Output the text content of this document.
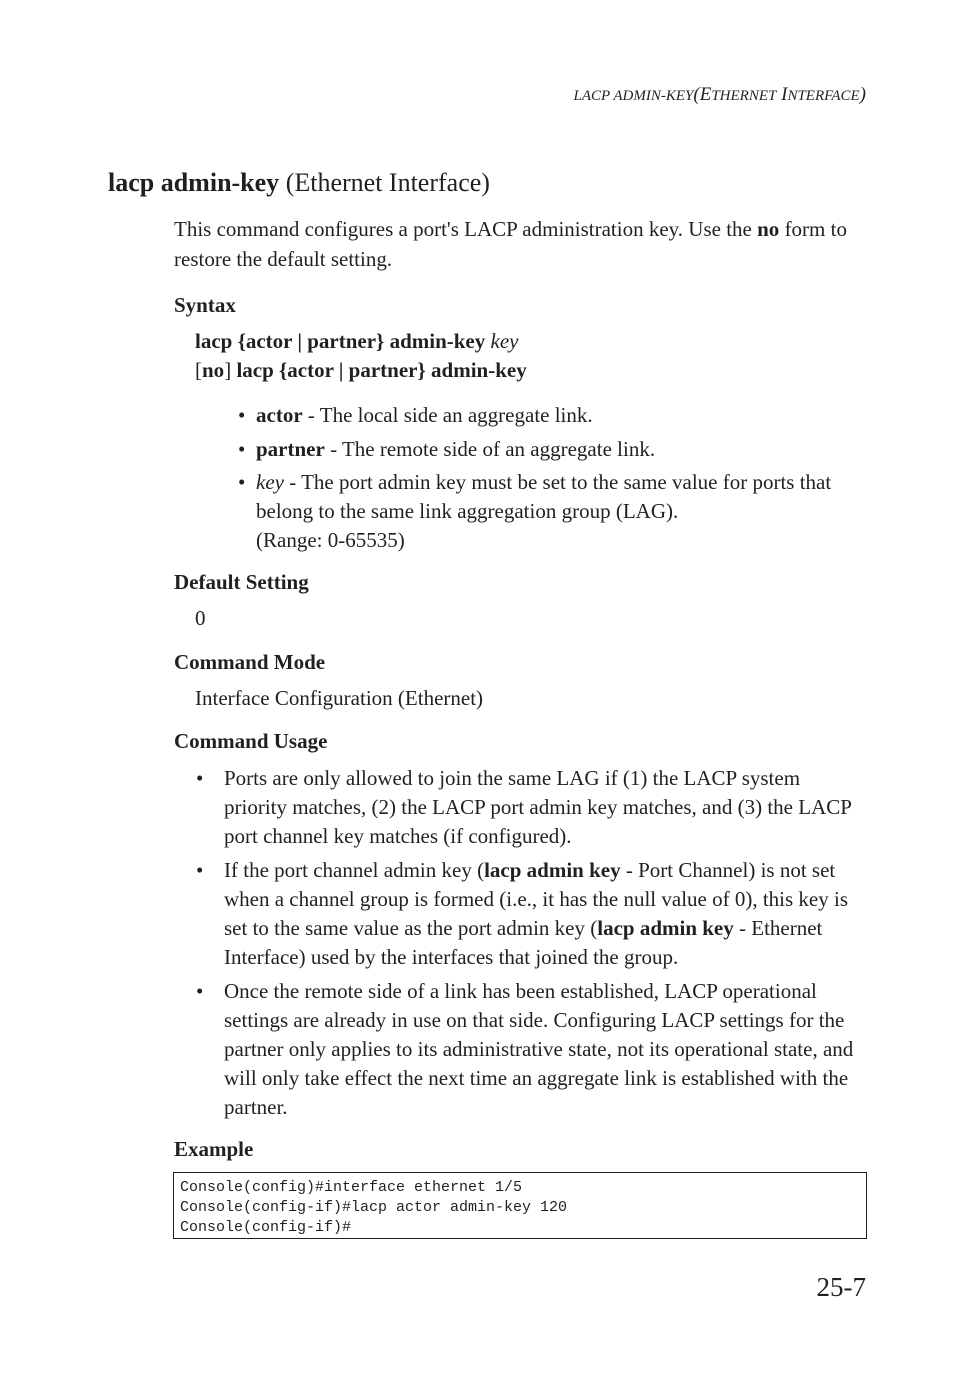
LACP ADMIN-KEY(ETHERNET INTERFACE)
lacp admin-key (Ethernet Interface)
This command configures a port's LACP administration key. Use the no form to restore the default setting.
Syntax
lacp {actor | partner} admin-key key
[no] lacp {actor | partner} admin-key
• actor - The local side an aggregate link.
• partner - The remote side of an aggregate link.
• key - The port admin key must be set to the same value for ports that belong to the same link aggregation group (LAG).
(Range: 0-65535)
Default Setting
0
Command Mode
Interface Configuration (Ethernet)
Command Usage
• Ports are only allowed to join the same LAG if (1) the LACP system priority matches, (2) the LACP port admin key matches, and (3) the LACP port channel key matches (if configured).
• If the port channel admin key (lacp admin key - Port Channel) is not set when a channel group is formed (i.e., it has the null value of 0), this key is set to the same value as the port admin key (lacp admin key - Ethernet Interface) used by the interfaces that joined the group.
• Once the remote side of a link has been established, LACP operational settings are already in use on that side. Configuring LACP settings for the partner only applies to its administrative state, not its operational state, and will only take effect the next time an aggregate link is established with the partner.
Example
Console(config)#interface ethernet 1/5
Console(config-if)#lacp actor admin-key 120
Console(config-if)#
25-7
